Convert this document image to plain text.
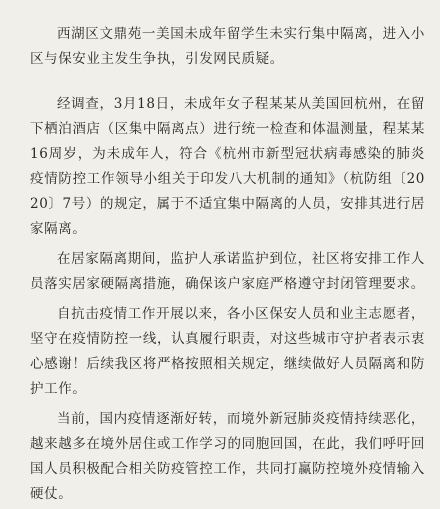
西湖区文鼎苑一美国未成年留学生未实行集中隔离，进入小区与保安业主发生争执，引发网民质疑。

经调查，3月18日，未成年女子程某某从美国回杭州，在留下栖泊酒店（区集中隔离点）进行统一检查和体温测量，程某某16周岁，为未成年人，符合《杭州市新型冠状病毒感染的肺炎疫情防控工作领导小组关于印发八大机制的通知》（杭防组〔2020〕7号）的规定，属于不适宜集中隔离的人员，安排其进行居家隔离。

在居家隔离期间，监护人承诺监护到位，社区将安排工作人员落实居家硬隔离措施，确保该户家庭严格遵守封闭管理要求。

自抗击疫情工作开展以来，各小区保安人员和业主志愿者，坚守在疫情防控一线，认真履行职责，对这些城市守护者表示衷心感谢！后续我区将严格按照相关规定，继续做好人员隔离和防护工作。

当前，国内疫情逐渐好转，而境外新冠肺炎疫情持续恶化，越来越多在境外居住或工作学习的同胞回国，在此，我们呼吁回国人员积极配合相关防疫管控工作，共同打赢防控境外疫情输入硬仗。
